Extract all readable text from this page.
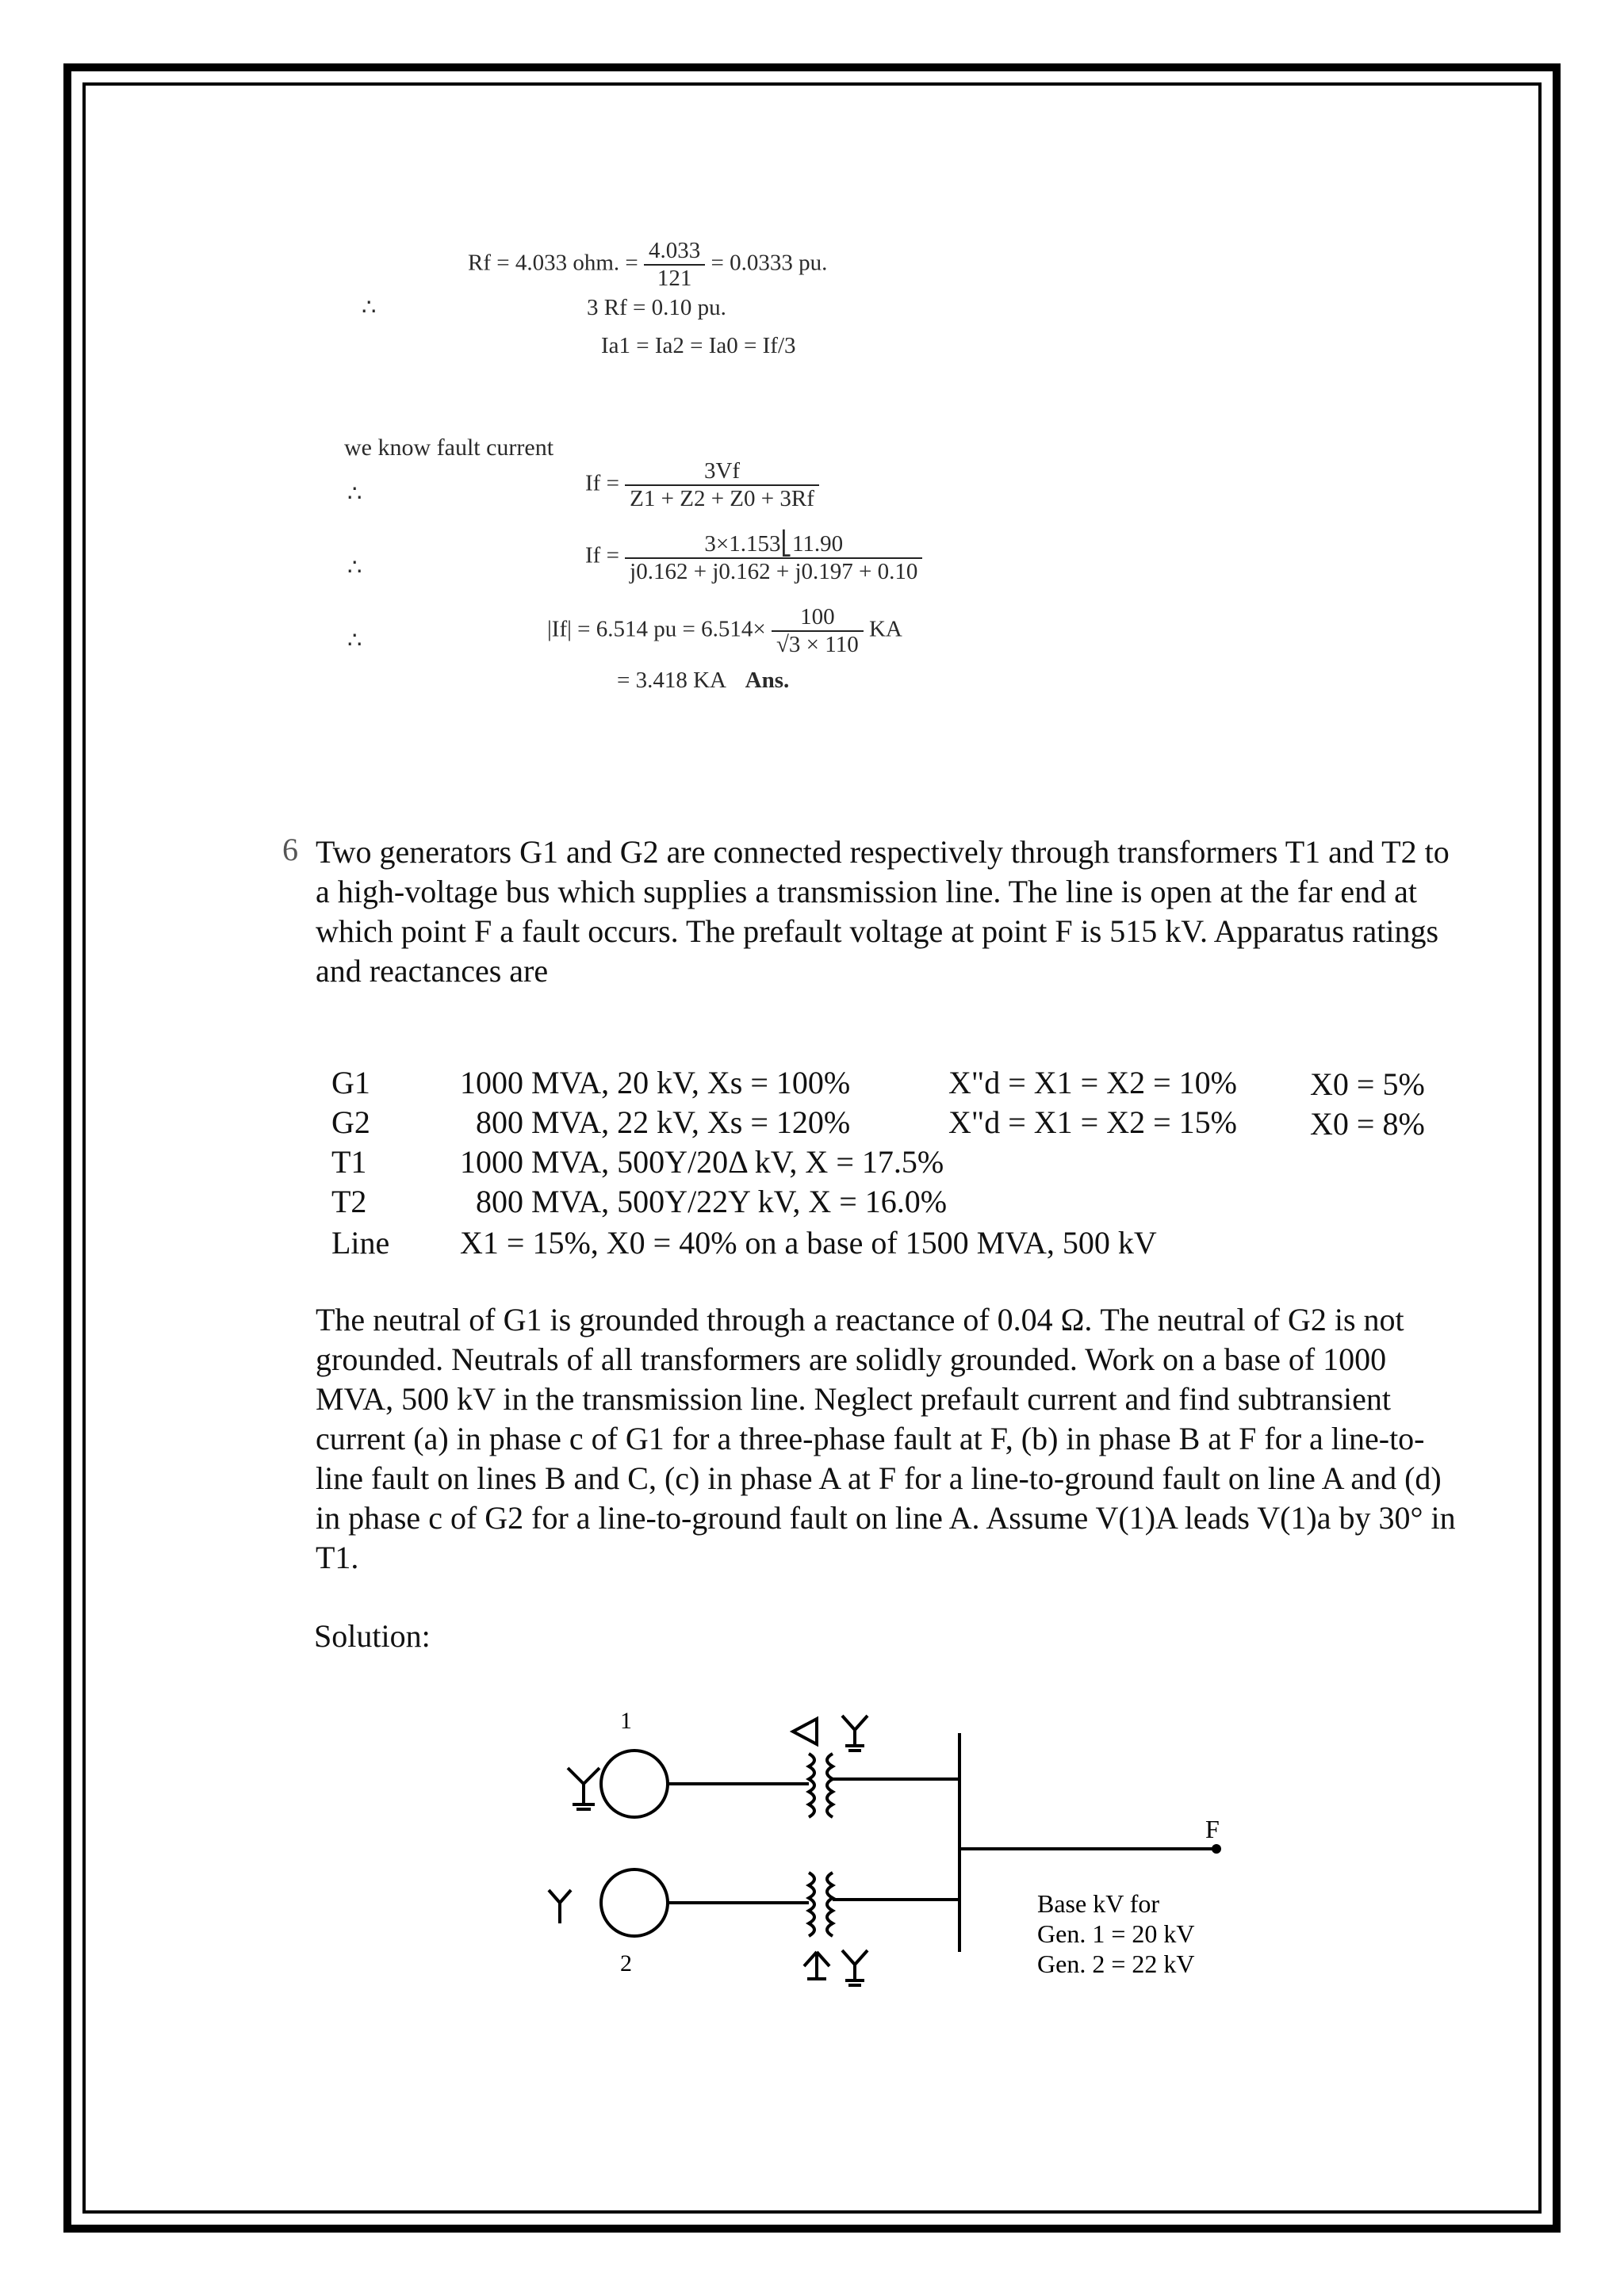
Rf = 4.033 ohm. = $\frac{4.033}{121} = 0.0333$ pu.
∴	3 Rf = 0.10 pu.
Ia1 = Ia2 = Ia0 = If/3
we know fault current
∴	$If = \frac{3Vf}{Z1 + Z2 + Z0 + 3Rf}$
∴	$If = \frac{3\times 1.153⎣11.90}{j0.162 + j0.162 + j0.197 + 0.10}$
∴	|If| = 6.514 pu = $6.514\times \frac{100}{√3 \times 110}$ KA
= 3.418 KA Ans.
6 Two generators G1 and G2 are connected respectively through transformers T1 and T2 to a high-voltage bus which supplies a transmission line. The line is open at the far end at which point F a fault occurs. The prefault voltage at point F is 515 kV. Apparatus ratings and reactances are
G1	1000 MVA, 20 kV, Xs = 100%	X"d = X1 = X2 = 10% X0 = 5%
G2	800 MVA, 22 kV, Xs = 120%	X"d = X1 = X2 = 15% X0 = 8%
T1	1000 MVA, 500Y/20Δ kV, X = 17.5%
T2	800 MVA, 500Y/22Y kV, X = 16.0%
Line X1 = 15%, X0 = 40% on a base of 1500 MVA, 500 kV
The neutral of G1 is grounded through a reactance of 0.04 Ω. The neutral of G2 is not grounded. Neutrals of all transformers are solidly grounded. Work on a base of 1000 MVA, 500 kV in the transmission line. Neglect prefault current and find subtransient current (a) in phase c of G1 for a three-phase fault at F, (b) in phase B at F for a line-to-line fault on lines B and C, (c) in phase A at F for a line-to-ground fault on line A and (d) in phase c of G2 for a line-to-ground fault on line A. Assume V(1)A leads V(1)a by 30° in T1.
Solution:
1
2
F
Base kV for
Gen. 1 = 20 kV
Gen. 2 = 22 kV
